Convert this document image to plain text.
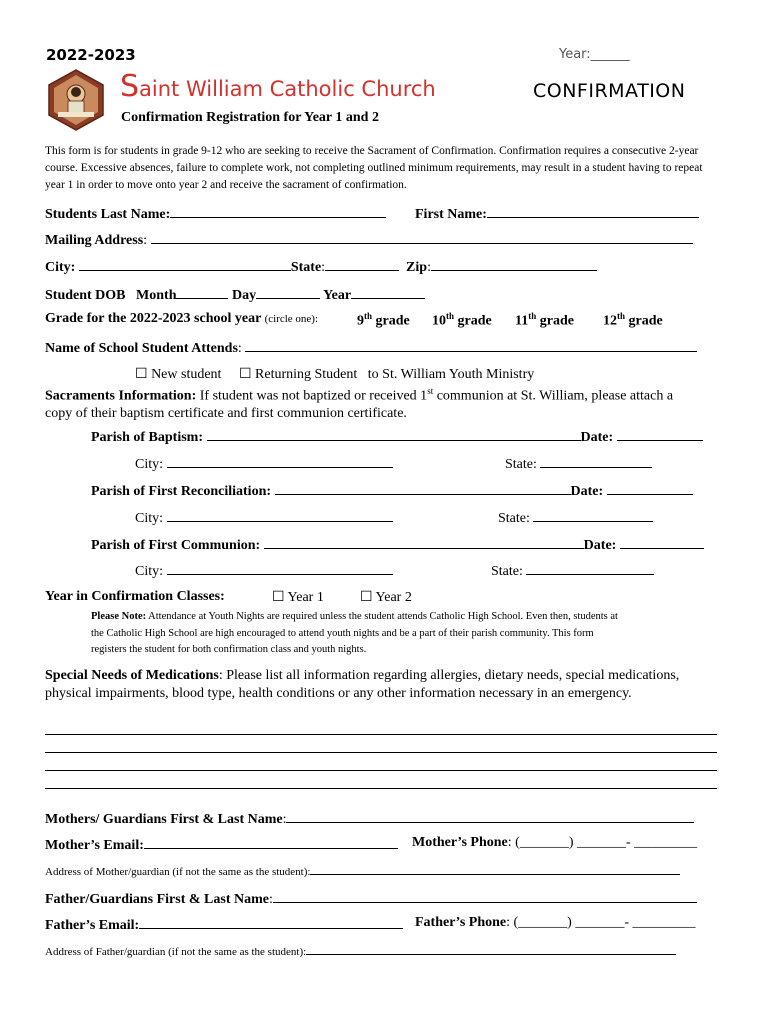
2022-2023	Year:______
Saint William Catholic Church	CONFIRMATION
Confirmation Registration for Year 1 and 2
This form is for students in grade 9-12 who are seeking to receive the Sacrament of Confirmation. Confirmation requires a consecutive 2-year course. Excessive absences, failure to complete work, not completing outlined minimum requirements, may result in a student having to repeat year 1 in order to move onto year 2 and receive the sacrament of confirmation.
Students Last Name:	First Name:
Mailing Address:
City:	State:	Zip:
Student DOB Month	Day	Year
Grade for the 2022-2023 school year (circle one):	9th grade 10th grade 11th grade 12th grade
Name of School Student Attends:
☐ New student ☐ Returning Student to St. William Youth Ministry
Sacraments Information: If student was not baptized or received 1st communion at St. William, please attach a
copy of their baptism certificate and first communion certificate.
Parish of Baptism:	Date:
City:	State:
Parish of First Reconciliation:	Date:
City:	State:
Parish of First Communion:	Date:
City:	State:
Year in Confirmation Classes:	☐ Year 1	☐ Year 2
Please Note: Attendance at Youth Nights are required unless the student attends Catholic High School. Even then, students at
the Catholic High School are high encouraged to attend youth nights and be a part of their parish community. This form
registers the student for both confirmation class and youth nights.
Special Needs of Medications: Please list all information regarding allergies, dietary needs, special medications, physical impairments, blood type, health conditions or any other information necessary in an emergency.
Mothers/ Guardians First & Last Name:
Mother’s Email:	Mother’s Phone: (_______) _______- _________
Address of Mother/guardian (if not the same as the student):
Father/Guardians First & Last Name:
Father’s Email:	Father’s Phone: (_______) _______- _________
Address of Father/guardian (if not the same as the student):
